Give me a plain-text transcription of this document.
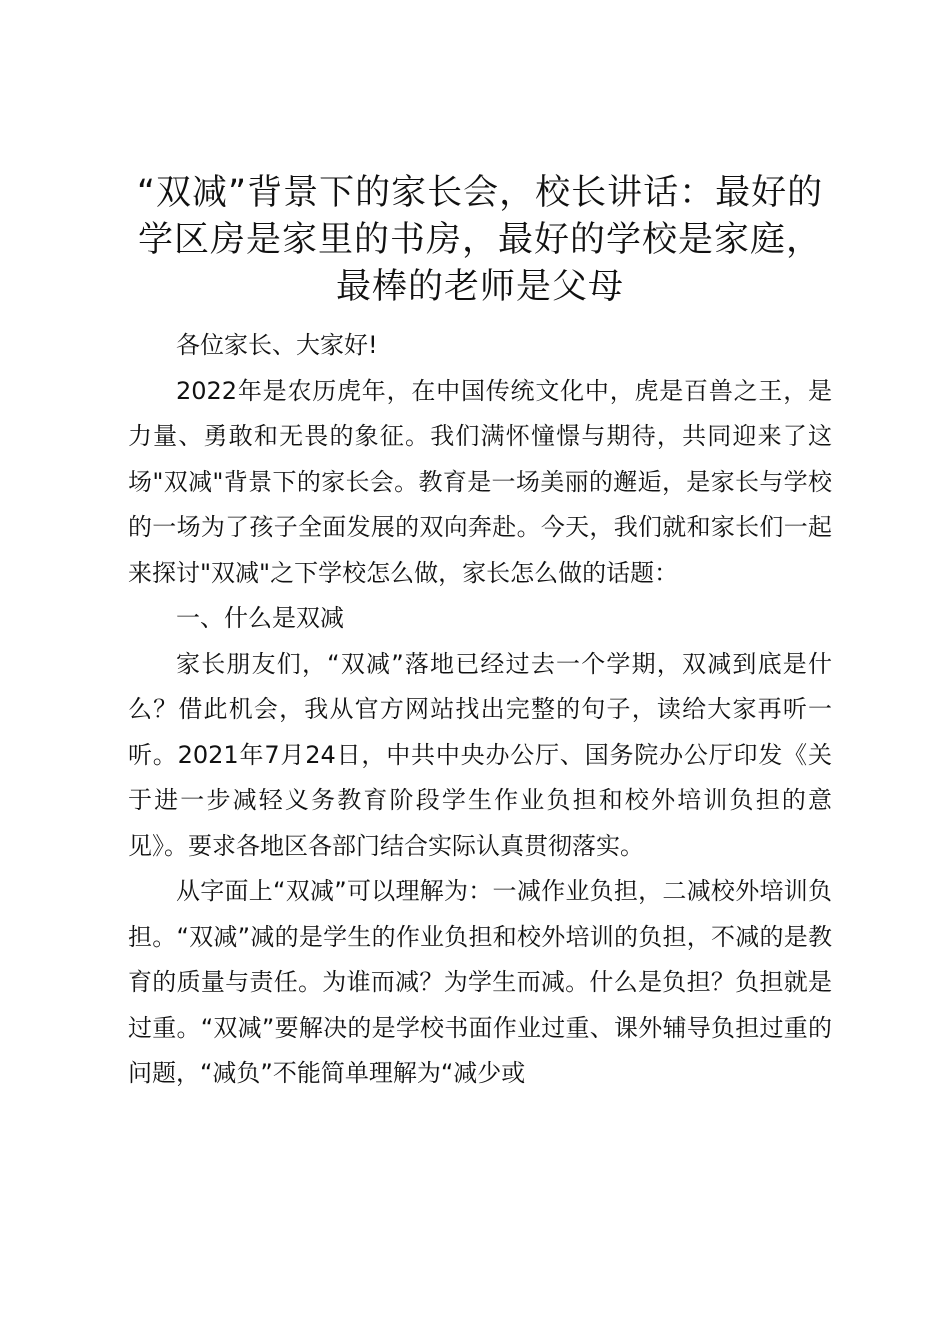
“双减”背景下的家长会，校长讲话：最好的学区房是家里的书房，最好的学校是家庭，最棒的老师是父母

各位家长、大家好!

2022年是农历虎年，在中国传统文化中，虎是百兽之王，是力量、勇敢和无畏的象征。我们满怀憧憬与期待，共同迎来了这场"双减"背景下的家长会。教育是一场美丽的邂逅，是家长与学校的一场为了孩子全面发展的双向奔赴。今天，我们就和家长们一起来探讨"双减"之下学校怎么做，家长怎么做的话题：

一、什么是双减

家长朋友们，“双减”落地已经过去一个学期，双减到底是什么？借此机会，我从官方网站找出完整的句子，读给大家再听一听。2021年7月24日，中共中央办公厅、国务院办公厅印发《关于进一步减轻义务教育阶段学生作业负担和校外培训负担的意见》。要求各地区各部门结合实际认真贯彻落实。

从字面上“双减”可以理解为：一减作业负担，二减校外培训负担。“双减”减的是学生的作业负担和校外培训的负担，不减的是教育的质量与责任。为谁而减？为学生而减。什么是负担？负担就是过重。“双减”要解决的是学校书面作业过重、课外辅导负担过重的问题，“减负”不能简单理解为“减少或
